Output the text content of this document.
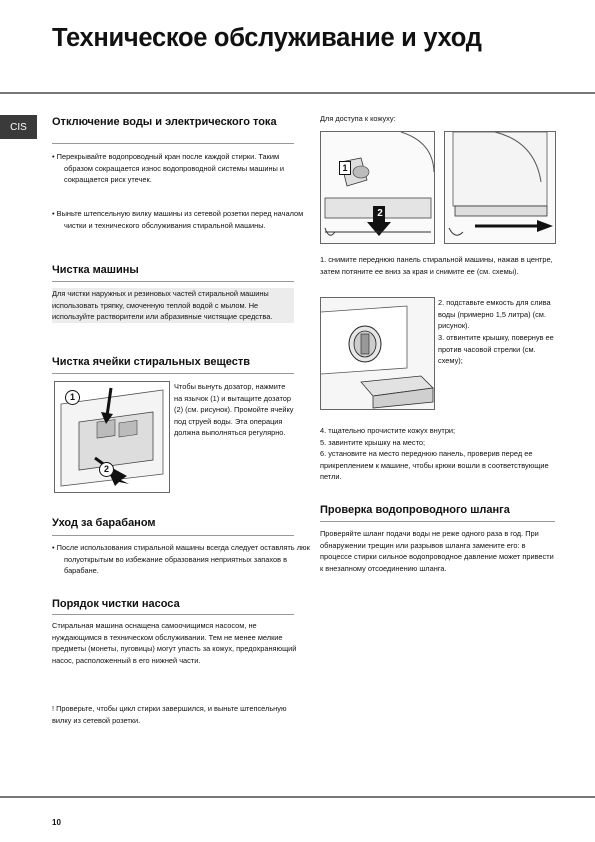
Техническое обслуживание и уход
CIS	Отключение воды и электрического тока
• Перекрывайте водопроводный кран после каждой стирки. Таким образом сокращается износ водопроводной системы машины и сокращается риск утечек.
• Выньте штепсельную вилку машины из сетевой розетки перед началом чистки и технического обслуживания стиральной машины.
Чистка машины
Для чистки наружных и резиновых частей стиральной машины использовать тряпку, смоченную теплой водой с мылом. Не используйте растворители или абразивные чистящие средства.
Чистка ячейки стиральных веществ
1
2
Чтобы вынуть дозатор, нажмите на язычок (1) и вытащите дозатор (2) (см. рисунок). Промойте ячейку под струей воды. Эта операция должна выполняться регулярно.
Уход за барабаном
• После использования стиральной машины всегда следует оставлять люк полуоткрытым во избежание образования неприятных запахов в барабане.
Порядок чистки насоса
Стиральная машина оснащена самоочищимся насосом, не нуждающимся в техническом обслуживании. Тем не менее мелкие предметы (монеты, пуговицы) могут упасть за кожух, предохраняющий насос, расположенный в его нижней части.
! Проверьте, чтобы цикл стирки завершился, и выньте штепсельную вилку из сетевой розетки.
Для доступа к кожуху:
1
2
1. снимите переднюю панель стиральной машины, нажав в центре, затем потяните ее вниз за края и снимите ее (см. схемы).
2. подставьте емкость для слива воды (примерно 1,5 литра) (см. рисунок).
3. отвинтите крышку, повернув ее против часовой стрелки (см. схему);
4. тщательно прочистите кожух внутри;
5. завинтите крышку на место;
6. установите на место переднюю панель, проверив перед ее прикреплением к машине, чтобы крюки вошли в соответствующие петли.
Проверка водопроводного шланга
Проверяйте шланг подачи воды не реже одного раза в год. При обнаружении трещин или разрывов шланга замените его: в процессе стирки сильное водопроводное давление может привести к внезапному отсоединению шланга.
10
